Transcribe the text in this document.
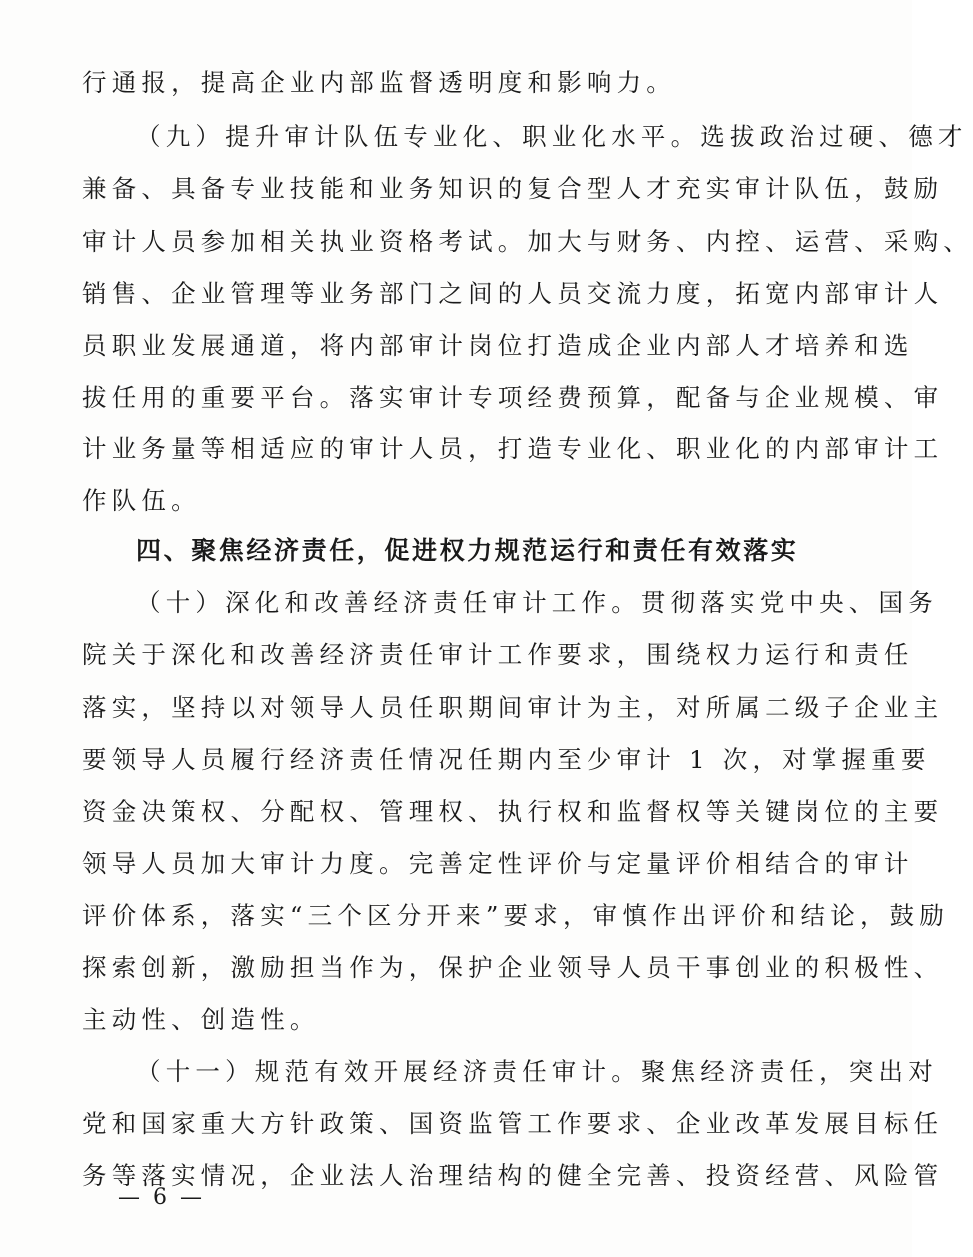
行通报，提高企业内部监督透明度和影响力。
（九）提升审计队伍专业化、职业化水平。选拔政治过硬、德才
兼备、具备专业技能和业务知识的复合型人才充实审计队伍，鼓励
审计人员参加相关执业资格考试。加大与财务、内控、运营、采购、
销售、企业管理等业务部门之间的人员交流力度，拓宽内部审计人
员职业发展通道，将内部审计岗位打造成企业内部人才培养和选
拔任用的重要平台。落实审计专项经费预算，配备与企业规模、审
计业务量等相适应的审计人员，打造专业化、职业化的内部审计工
作队伍。
四、聚焦经济责任，促进权力规范运行和责任有效落实
（十）深化和改善经济责任审计工作。贯彻落实党中央、国务
院关于深化和改善经济责任审计工作要求，围绕权力运行和责任
落实，坚持以对领导人员任职期间审计为主，对所属二级子企业主
要领导人员履行经济责任情况任期内至少审计 1 次，对掌握重要
资金决策权、分配权、管理权、执行权和监督权等关键岗位的主要
领导人员加大审计力度。完善定性评价与定量评价相结合的审计
评价体系，落实“三个区分开来”要求，审慎作出评价和结论，鼓励
探索创新，激励担当作为，保护企业领导人员干事创业的积极性、
主动性、创造性。
（十一）规范有效开展经济责任审计。聚焦经济责任，突出对
党和国家重大方针政策、国资监管工作要求、企业改革发展目标任
务等落实情况，企业法人治理结构的健全完善、投资经营、风险管
— 6 —
